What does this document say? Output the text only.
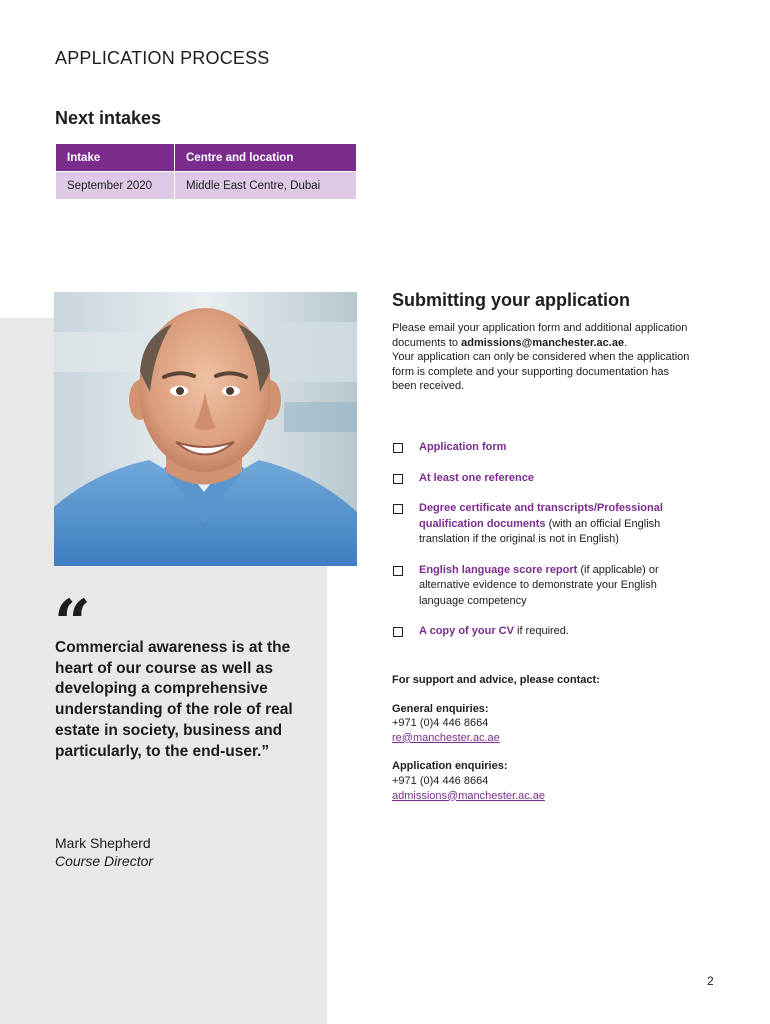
APPLICATION PROCESS
Next intakes
Intake	Centre and location
September 2020	Middle East Centre, Dubai
“

Commercial awareness is at the heart of our course as well as developing a comprehensive understanding of the role of real estate in society, business and particularly, to the end-user.”

Mark Shepherd
Course Director
Submitting your application

Please email your application form and additional application documents to admissions@manchester.ac.ae.
Your application can only be considered when the application form is complete and your supporting documentation has been received.

Application form
At least one reference
Degree certificate and transcripts/Professional qualification documents (with an official English translation if the original is not in English)
English language score report (if applicable) or alternative evidence to demonstrate your English language competency
A copy of your CV if required.
For support and advice, please contact:
General enquiries:
+971 (0)4 446 8664
re@manchester.ac.ae
Application enquiries:
+971 (0)4 446 8664
admissions@manchester.ac.ae
2
